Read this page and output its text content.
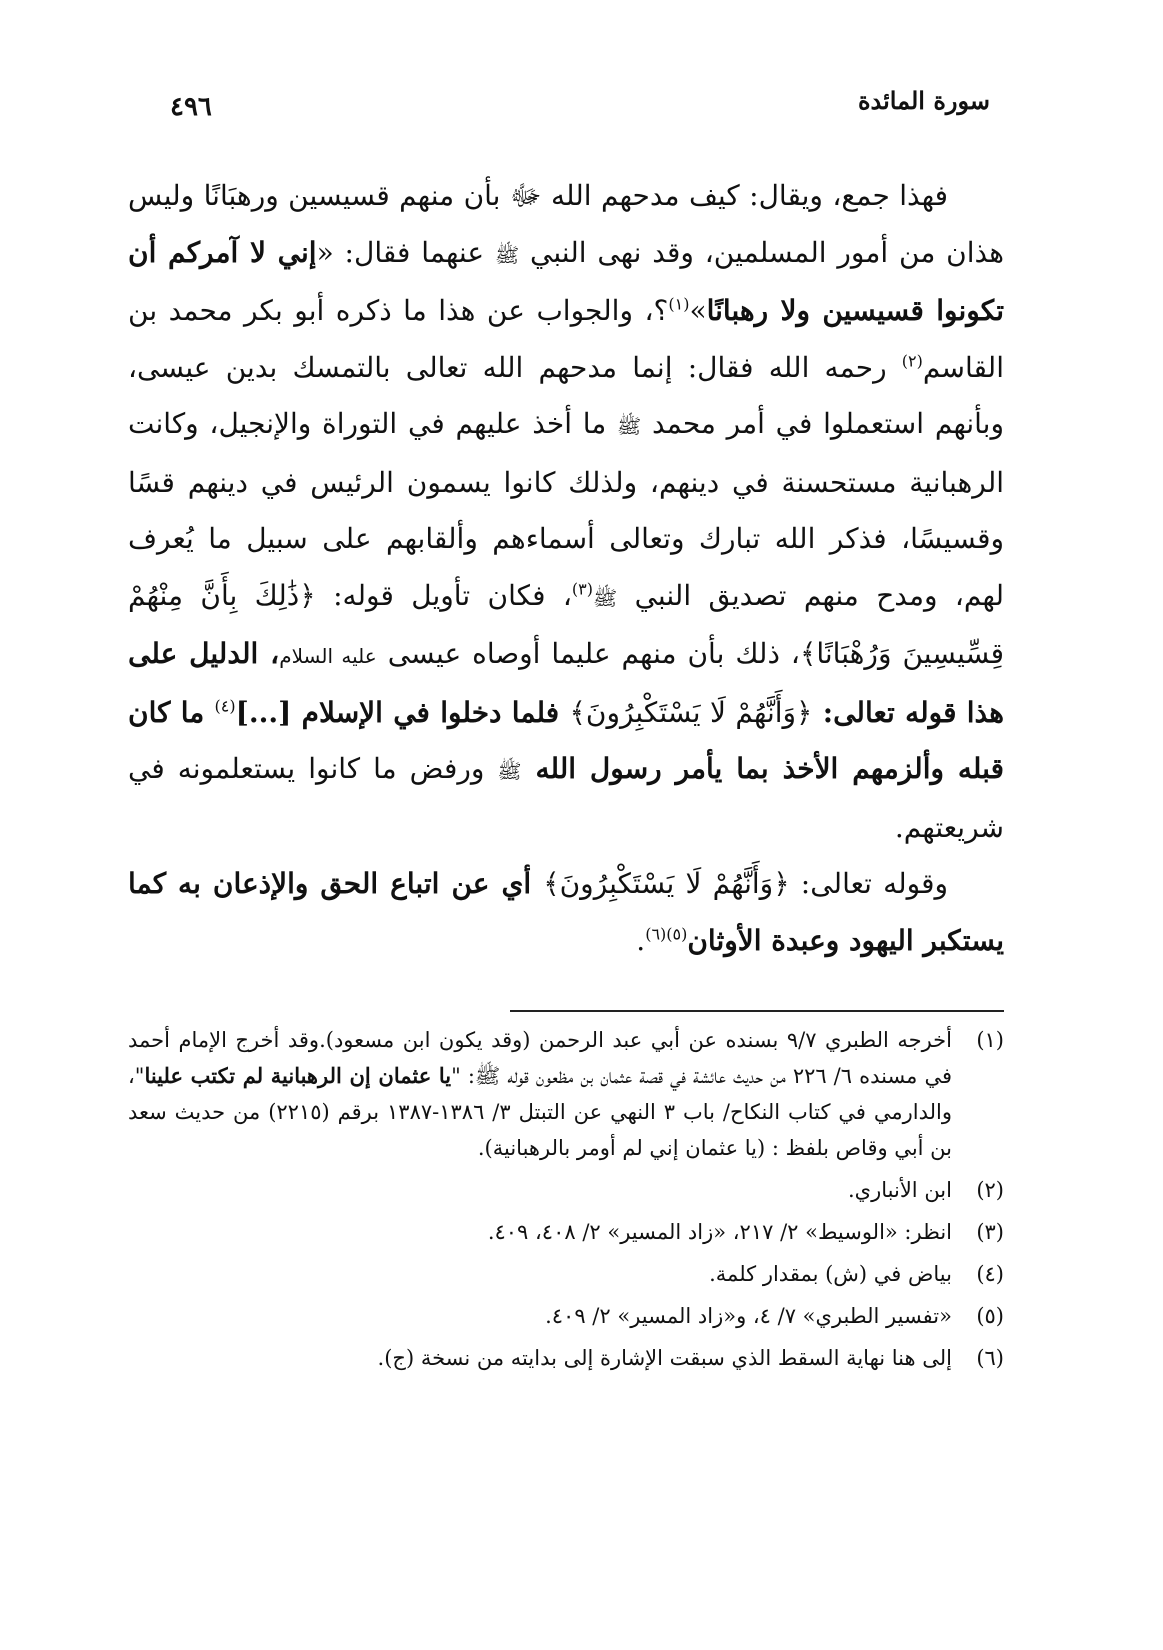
سورة المائدة
٤٩٦

فهذا جمع، ويقال: كيف مدحهم الله ﷻ بأن منهم قسيسين ورهبَانًا وليس هذان من أمور المسلمين، وقد نهى النبي ﷺ عنهما فقال: «إني لا آمركم أن تكونوا قسيسين ولا رهبانًا»$^{(١)}$؟، والجواب عن هذا ما ذكره أبو بكر محمد بن القاسم$^{(٢)}$ رحمه الله فقال: إنما مدحهم الله تعالى بالتمسك بدين عيسى، وبأنهم استعملوا في أمر محمد ﷺ ما أخذ عليهم في التوراة والإنجيل، وكانت الرهبانية مستحسنة في دينهم، ولذلك كانوا يسمون الرئيس في دينهم قسًا وقسيسًا، فذكر الله تبارك وتعالى أسماءهم وألقابهم على سبيل ما يُعرف لهم، ومدح منهم تصديق النبي ﷺ$^{(٣)}$، فكان تأويل قوله: ﴿ذَٰلِكَ بِأَنَّ مِنْهُمْ قِسِّيسِينَ وَرُهْبَانًا﴾، ذلك بأن منهم عليما أوصاه عيسى عليه السلام، الدليل على هذا قوله تعالى: ﴿وَأَنَّهُمْ لَا يَسْتَكْبِرُونَ﴾ فلما دخلوا في الإسلام [...]$^{(٤)}$ ما كان قبله وألزمهم الأخذ بما يأمر رسول الله ﷺ ورفض ما كانوا يستعلمونه في شريعتهم.

وقوله تعالى: ﴿وَأَنَّهُمْ لَا يَسْتَكْبِرُونَ﴾ أي عن اتباع الحق والإذعان به كما يستكبر اليهود وعبدة الأوثان$^{(٥)(٦)}$.

(١)
أخرجه الطبري ٩/٧ بسنده عن أبي عبد الرحمن (وقد يكون ابن مسعود).وقد أخرج الإمام أحمد في مسنده ٦/ ٢٢٦ من حديث عائشة في قصة عثمان بن مظعون قوله ﷺ: "يا عثمان إن الرهبانية لم تكتب علينا"، والدارمي في كتاب النكاح/ باب ٣ النهي عن التبتل ٣/ ١٣٨٦-١٣٨٧ برقم (٢٢١٥) من حديث سعد بن أبي وقاص بلفظ : (يا عثمان إني لم أومر بالرهبانية).
(٢)
ابن الأنباري.
(٣)
انظر: «الوسيط» ٢/ ٢١٧، «زاد المسير» ٢/ ٤٠٨، ٤٠٩.
(٤)
بياض في (ش) بمقدار كلمة.
(٥)
«تفسير الطبري» ٧/ ٤، و«زاد المسير» ٢/ ٤٠٩.
(٦)
إلى هنا نهاية السقط الذي سبقت الإشارة إلى بدايته من نسخة (ج).
